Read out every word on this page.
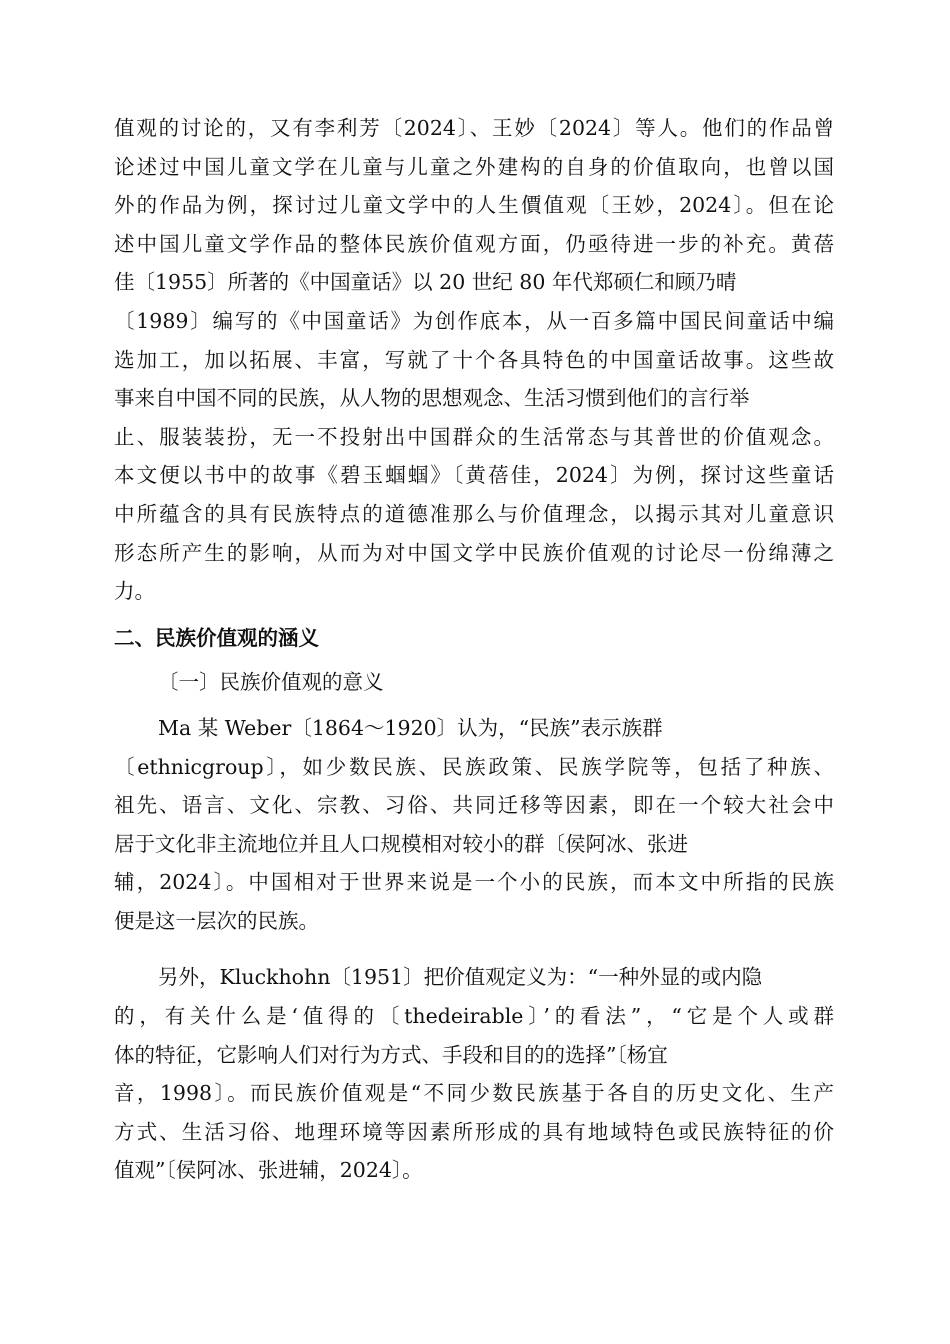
值观的讨论的，又有李利芳〔2024〕、王妙〔2024〕等人。他们的作品曾
论述过中国儿童文学在儿童与儿童之外建构的自身的价值取向，也曾以国
外的作品为例，探讨过儿童文学中的人生價值观〔王妙，2024〕。但在论
述中国儿童文学作品的整体民族价值观方面，仍亟待进一步的补充。黄蓓
佳〔1955〕所著的《中国童话》以 20 世纪 80 年代郑硕仁和顾乃晴
〔1989〕编写的《中国童话》为创作底本，从一百多篇中国民间童话中编
选加工，加以拓展、丰富，写就了十个各具特色的中国童话故事。这些故
事来自中国不同的民族，从人物的思想观念、生活习惯到他们的言行举
止、服装装扮，无一不投射出中国群众的生活常态与其普世的价值观念。
本文便以书中的故事《碧玉蝈蝈》〔黄蓓佳，2024〕为例，探讨这些童话
中所蕴含的具有民族特点的道德准那么与价值理念，以揭示其对儿童意识
形态所产生的影响，从而为对中国文学中民族价值观的讨论尽一份绵薄之
力。
二、民族价值观的涵义
〔一〕民族价值观的意义
Ma 某 Weber〔1864～1920〕认为，“民族”表示族群
〔ethnicgroup〕，如少数民族、民族政策、民族学院等，包括了种族、
祖先、语言、文化、宗教、习俗、共同迁移等因素，即在一个较大社会中
居于文化非主流地位并且人口规模相对较小的群〔侯阿冰、张进
辅，2024〕。中国相对于世界来说是一个小的民族，而本文中所指的民族
便是这一层次的民族。
另外，Kluckhohn〔1951〕把价值观定义为：“一种外显的或内隐
的，有关什么是‘值得的〔thedeirable〕’的看法”，“它是个人或群
体的特征，它影响人们对行为方式、手段和目的的选择”〔杨宜
音，1998〕。而民族价值观是“不同少数民族基于各自的历史文化、生产
方式、生活习俗、地理环境等因素所形成的具有地域特色或民族特征的价
值观”〔侯阿冰、张进辅，2024〕。
